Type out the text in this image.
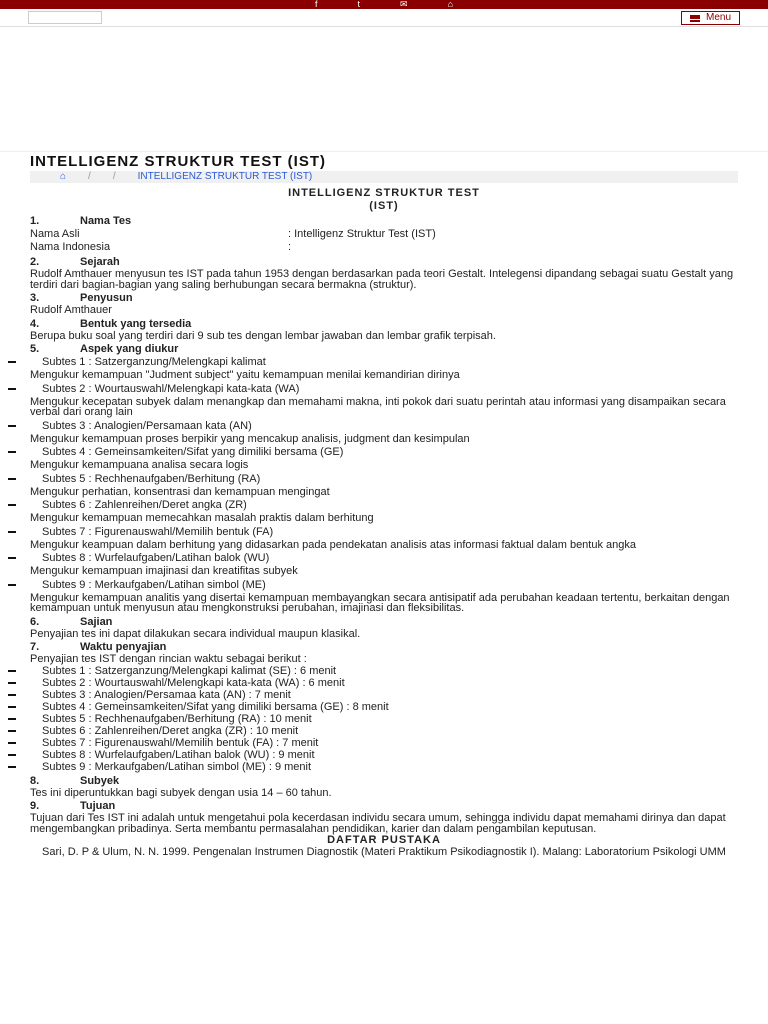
f	t	✉	⌂
Menu
INTELLIGENZ STRUKTUR TEST (IST)
⌂ / / INTELLIGENZ STRUKTUR TEST (IST)
INTELLIGENZ STRUKTUR TEST
(IST)
1.	Nama Tes
Nama Asli	: Intelligenz Struktur Test (IST)
Nama Indonesia	:
2.	Sejarah

Rudolf Amthauer menyusun tes IST pada tahun 1953 dengan berdasarkan pada teori Gestalt. Intelegensi dipandang sebagai suatu Gestalt yang terdiri dari bagian-bagian yang saling berhubungan secara bermakna (struktur).

3.	Penyusun

Rudolf Amthauer

4.	Bentuk yang tersedia

Berupa buku soal yang terdiri dari 9 sub tes dengan lembar jawaban dan lembar grafik terpisah.

5.	Aspek yang diukur
Subtes 1 : Satzerganzung/Melengkapi kalimat
Mengukur kemampuan "Judment subject" yaitu kemampuan menilai kemandirian dirinya
Subtes 2 : Wourtauswahl/Melengkapi kata-kata (WA)
Mengukur kecepatan subyek dalam menangkap dan memahami makna, inti pokok dari suatu perintah atau informasi yang disampaikan secara verbal dari orang lain
Subtes 3 : Analogien/Persamaan kata (AN)
Mengukur kemampuan proses berpikir yang mencakup analisis, judgment dan kesimpulan
Subtes 4 : Gemeinsamkeiten/Sifat yang dimiliki bersama (GE)
Mengukur kemampuana analisa secara logis
Subtes 5 : Rechhenaufgaben/Berhitung (RA)
Mengukur perhatian, konsentrasi dan kemampuan mengingat
Subtes 6 : Zahlenreihen/Deret angka (ZR)
Mengukur kemampuan memecahkan masalah praktis dalam berhitung
Subtes 7 : Figurenauswahl/Memilih bentuk (FA)
Mengukur keampuan dalam berhitung yang didasarkan pada pendekatan analisis atas informasi faktual dalam bentuk angka
Subtes 8 : Wurfelaufgaben/Latihan balok (WU)
Mengukur kemampuan imajinasi dan kreatifitas subyek
Subtes 9 : Merkaufgaben/Latihan simbol (ME)
Mengukur kemampuan analitis yang disertai kemampuan membayangkan secara antisipatif ada perubahan keadaan tertentu, berkaitan dengan kemampuan untuk menyusun atau mengkonstruksi perubahan, imajinasi dan fleksibilitas.
6.	Sajian

Penyajian tes ini dapat dilakukan secara individual maupun klasikal.

7.	Waktu penyajian

Penyajian tes IST dengan rincian waktu sebagai berikut :

Subtes 1 : Satzerganzung/Melengkapi kalimat (SE) : 6 menit
Subtes 2 : Wourtauswahl/Melengkapi kata-kata (WA) : 6 menit
Subtes 3 : Analogien/Persamaa kata (AN) : 7 menit
Subtes 4 : Gemeinsamkeiten/Sifat yang dimiliki bersama (GE) : 8 menit
Subtes 5 : Rechhenaufgaben/Berhitung (RA) : 10 menit
Subtes 6 : Zahlenreihen/Deret angka (ZR) : 10 menit
Subtes 7 : Figurenauswahl/Memilih bentuk (FA) : 7 menit
Subtes 8 : Wurfelaufgaben/Latihan balok (WU) : 9 menit
Subtes 9 : Merkaufgaben/Latihan simbol (ME) : 9 menit
8.	Subyek

Tes ini diperuntukkan bagi subyek dengan usia 14 – 60 tahun.

9.	Tujuan

Tujuan dari Tes IST ini adalah untuk mengetahui pola kecerdasan individu secara umum, sehingga individu dapat memahami dirinya dan dapat mengembangkan pribadinya. Serta membantu permasalahan pendidikan, karier dan dalam pengambilan keputusan.

DAFTAR PUSTAKA
Sari, D. P & Ulum, N. N. 1999. Pengenalan Instrumen Diagnostik (Materi Praktikum Psikodiagnostik I). Malang: Laboratorium Psikologi UMM
